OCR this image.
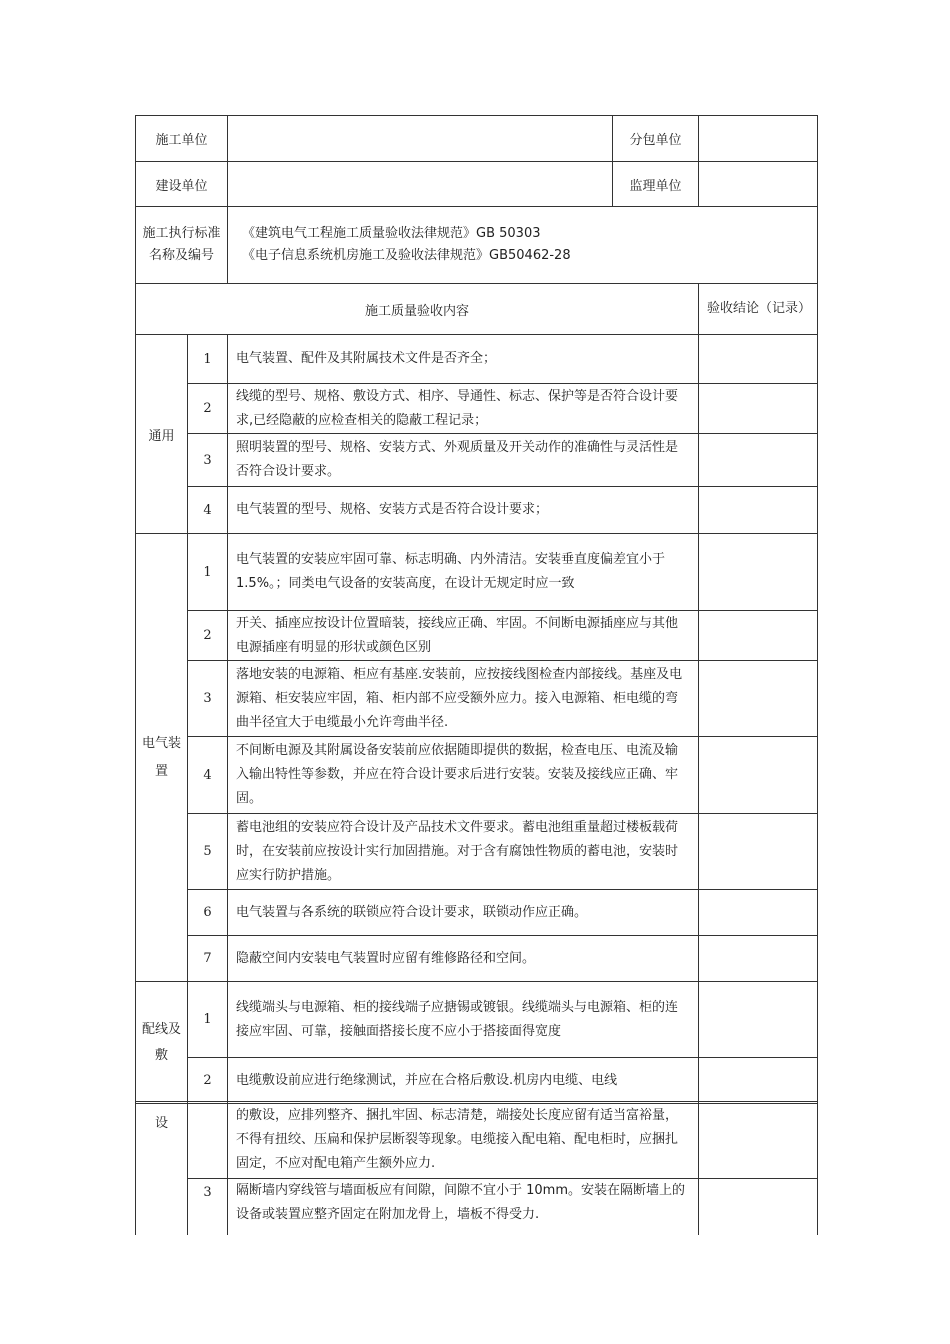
施工单位			分包单位	
建设单位			监理单位	
施工执行标准名称及编号		《建筑电气工程施工质量验收法律规范》GB 50303
《电子信息系统机房施工及验收法律规范》GB50462-28		

施工质量验收内容				验收结论（记录）
通用	1	电气装置、配件及其附属技术文件是否齐全；		
	2	线缆的型号、规格、敷设方式、相序、导通性、标志、保护等是否符合设计要求,已经隐蔽的应检查相关的隐蔽工程记录；		
	3	照明装置的型号、规格、安装方式、外观质量及开关动作的准确性与灵活性是否符合设计要求。		
	4	电气装置的型号、规格、安装方式是否符合设计要求；		
电气装置	1	电气装置的安装应牢固可靠、标志明确、内外清洁。安装垂直度偏差宜小于 1.5%。；同类电气设备的安装高度，在设计无规定时应一致		
	2	开关、插座应按设计位置暗装，接线应正确、牢固。不间断电源插座应与其他电源插座有明显的形状或颜色区别		
	3	落地安装的电源箱、柜应有基座.安装前，应按接线图检查内部接线。基座及电源箱、柜安装应牢固，箱、柜内部不应受额外应力。接入电源箱、柜电缆的弯曲半径宜大于电缆最小允许弯曲半径.		
	4	不间断电源及其附属设备安装前应依据随即提供的数据，检查电压、电流及输入输出特性等参数，并应在符合设计要求后进行安装。安装及接线应正确、牢固。		
	5	蓄电池组的安装应符合设计及产品技术文件要求。蓄电池组重量超过楼板载荷时，在安装前应按设计实行加固措施。对于含有腐蚀性物质的蓄电池，安装时应实行防护措施。		
	6	电气装置与各系统的联锁应符合设计要求，联锁动作应正确。		
	7	隐蔽空间内安装电气装置时应留有维修路径和空间。		
配线及敷	1	线缆端头与电源箱、柜的接线端子应搪锡或镀银。线缆端头与电源箱、柜的连接应牢固、可靠，接触面搭接长度不应小于搭接面得宽度		
	2	电缆敷设前应进行绝缘测试，并应在合格后敷设.机房内电缆、电线		
设		的敷设，应排列整齐、捆扎牢固、标志清楚，端接处长度应留有适当富裕量，不得有扭绞、压扁和保护层断裂等现象。电缆接入配电箱、配电柜时，应捆扎固定，不应对配电箱产生额外应力.	
	3	隔断墙内穿线管与墙面板应有间隙，间隙不宜小于 10mm。安装在隔断墙上的设备或装置应整齐固定在附加龙骨上，墙板不得受力.	
